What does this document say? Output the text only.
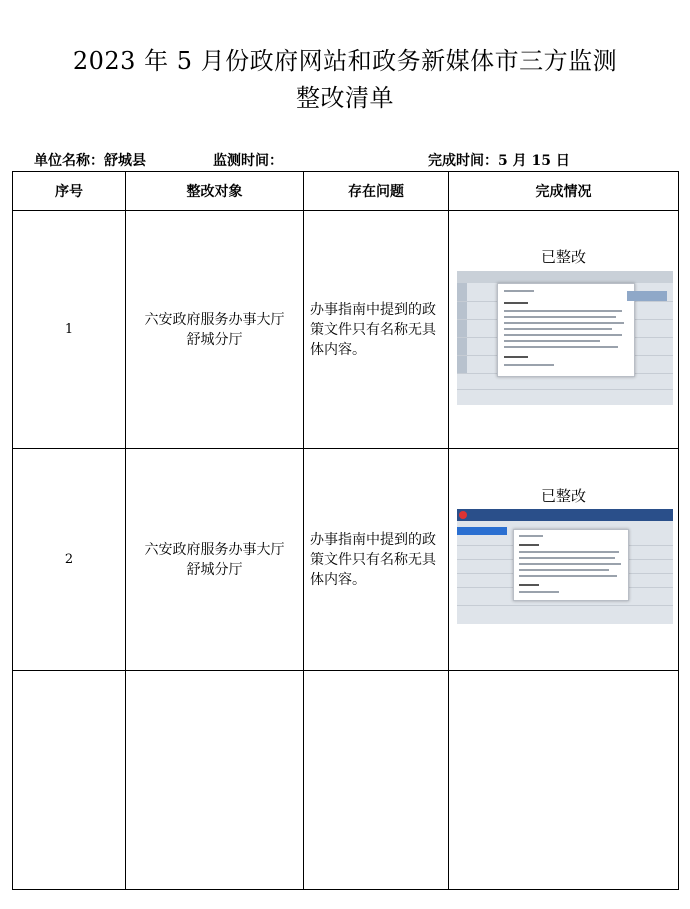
2023 年 5 月份政府网站和政务新媒体市三方监测
整改清单
单位名称：舒城县	监测时间：	完成时间：5 月 15 日
序号	整改对象	存在问题	完成情况
1	六安政府服务办事大厅舒城分厅	办事指南中提到的政策文件只有名称无具体内容。	已整改

2	六安政府服务办事大厅舒城分厅	办事指南中提到的政策文件只有名称无具体内容。	已整改
